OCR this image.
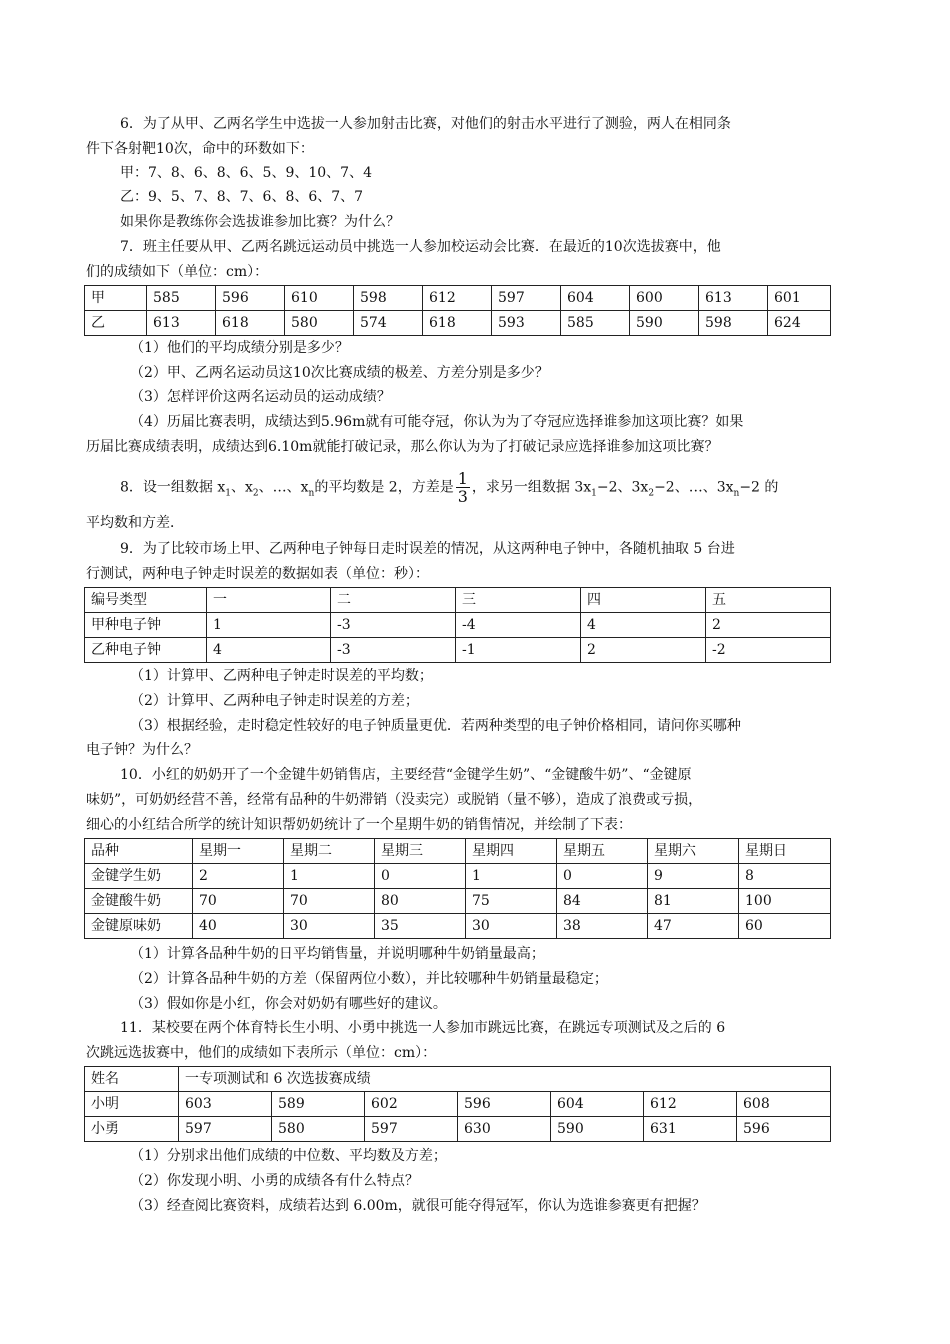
6．为了从甲、乙两名学生中选拔一人参加射击比赛，对他们的射击水平进行了测验，两人在相同条
件下各射靶10次，命中的环数如下：
甲：7、8、6、8、6、5、9、10、7、4
乙：9、5、7、8、7、6、8、6、7、7
如果你是教练你会选拔谁参加比赛？为什么？
7．班主任要从甲、乙两名跳远运动员中挑选一人参加校运动会比赛．在最近的10次选拔赛中，他
们的成绩如下（单位：cm）：
甲	585	596	610	598	612	597	604	600	613	601
乙	613	618	580	574	618	593	585	590	598	624
（1）他们的平均成绩分别是多少？
（2）甲、乙两名运动员这10次比赛成绩的极差、方差分别是多少？
（3）怎样评价这两名运动员的运动成绩？
（4）历届比赛表明，成绩达到5.96m就有可能夺冠，你认为为了夺冠应选择谁参加这项比赛？如果
历届比赛成绩表明，成绩达到6.10m就能打破记录，那么你认为为了打破记录应选择谁参加这项比赛？
8．设一组数据 $x_1$、$x_2$、…、$x_n$的平均数是 2，方差是 $\frac{1}{3}$ ，求另一组数据 $3x_1-2$、$3x_2-2$、…、$3x_n-2$ 的
平均数和方差．
9．为了比较市场上甲、乙两种电子钟每日走时误差的情况，从这两种电子钟中，各随机抽取 5 台进
行测试，两种电子钟走时误差的数据如表（单位：秒）：
编号类型	一	二	三	四	五
甲种电子钟	1	-3	-4	4	2
乙种电子钟	4	-3	-1	2	-2
（1）计算甲、乙两种电子钟走时误差的平均数；
（2）计算甲、乙两种电子钟走时误差的方差；
（3）根据经验，走时稳定性较好的电子钟质量更优．若两种类型的电子钟价格相同，请问你买哪种
电子钟？为什么？
10．小红的奶奶开了一个金键牛奶销售店，主要经营“金键学生奶”、“金键酸牛奶”、“金键原
味奶”，可奶奶经营不善，经常有品种的牛奶滞销（没卖完）或脱销（量不够），造成了浪费或亏损，
细心的小红结合所学的统计知识帮奶奶统计了一个星期牛奶的销售情况，并绘制了下表：
品种	星期一	星期二	星期三	星期四	星期五	星期六	星期日
金键学生奶	2	1	0	1	0	9	8
金键酸牛奶	70	70	80	75	84	81	100
金键原味奶	40	30	35	30	38	47	60
（1）计算各品种牛奶的日平均销售量，并说明哪种牛奶销量最高；
（2）计算各品种牛奶的方差（保留两位小数），并比较哪种牛奶销量最稳定；
（3）假如你是小红，你会对奶奶有哪些好的建议。
11．某校要在两个体育特长生小明、小勇中挑选一人参加市跳远比赛，在跳远专项测试及之后的 6
次跳远选拔赛中，他们的成绩如下表所示（单位：cm）：
姓名	一专项测试和 6 次选拔赛成绩						
小明	603	589	602	596	604	612	608
小勇	597	580	597	630	590	631	596
（1）分别求出他们成绩的中位数、平均数及方差；
（2）你发现小明、小勇的成绩各有什么特点？
（3）经查阅比赛资料，成绩若达到 6.00m，就很可能夺得冠军，你认为选谁参赛更有把握？
